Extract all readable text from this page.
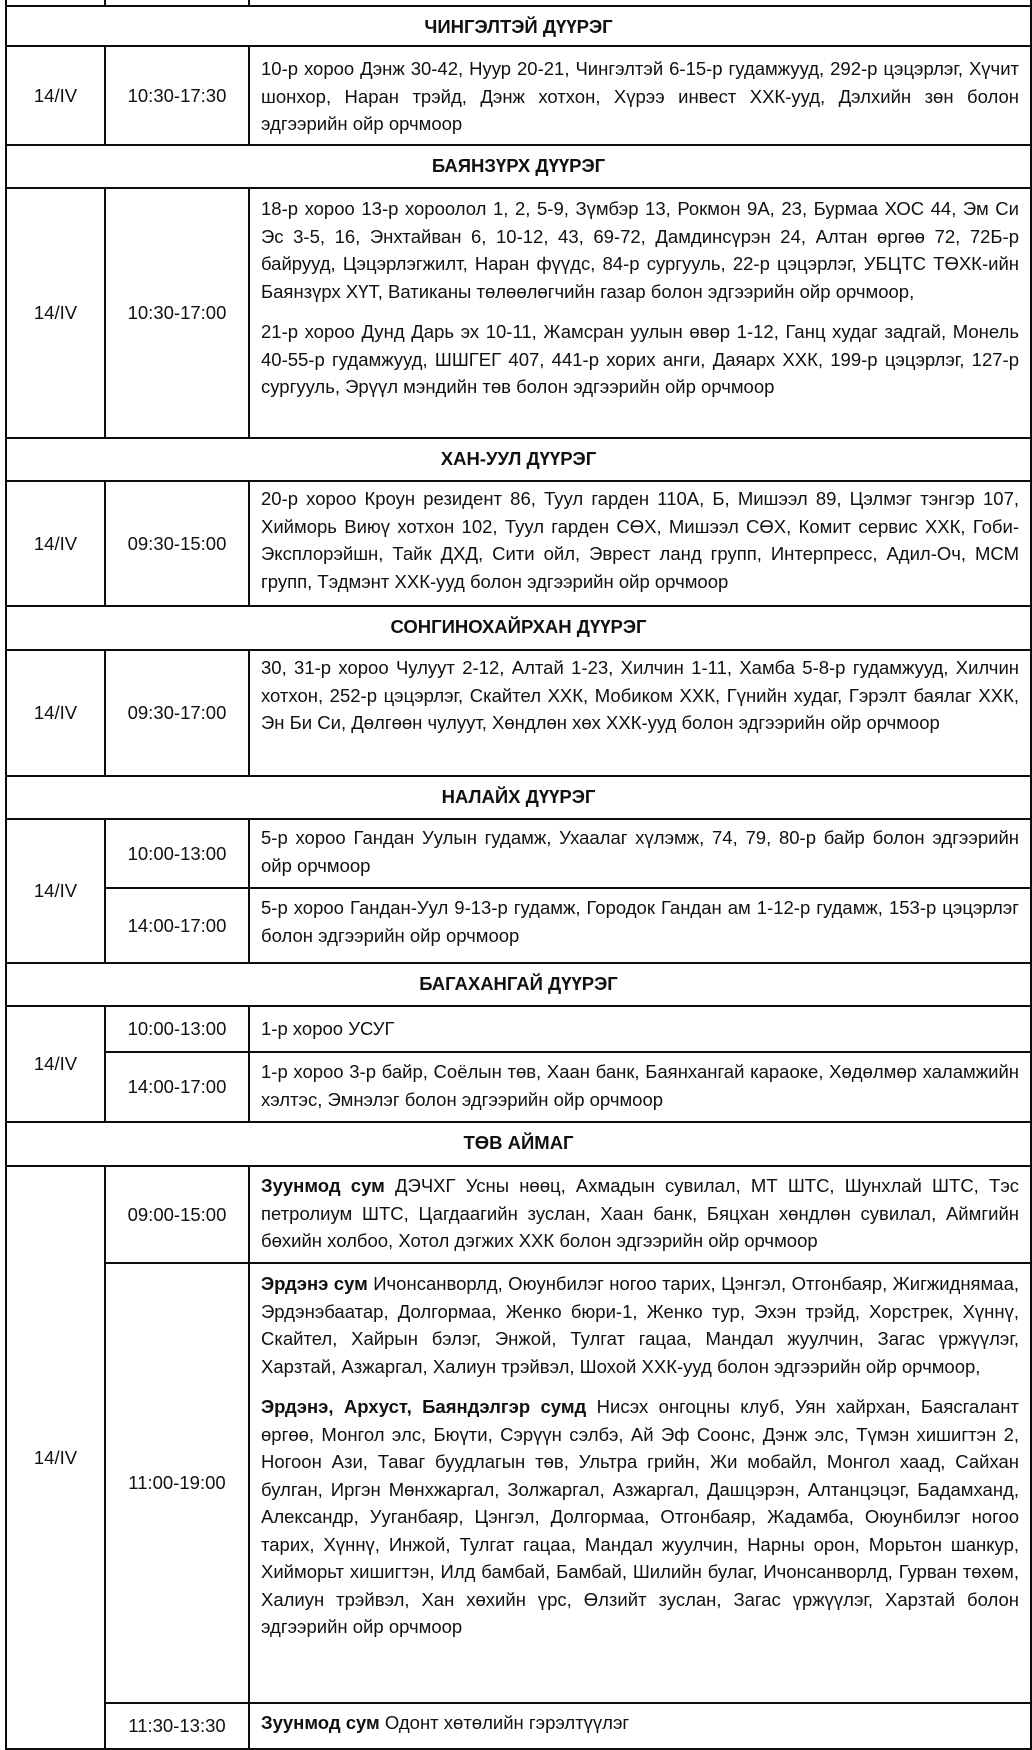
ЧИНГЭЛТЭЙ ДҮҮРЭГ		
14/IV	10:30-17:30	10-р хороо Дэнж 30-42, Нуур 20-21, Чингэлтэй 6-15-р гудамжууд, 292-р цэцэрлэг, Хүчит шонхор, Наран трэйд, Дэнж хотхон, Хүрээ инвест ХХК-ууд, Дэлхийн зөн болон эдгээрийн ойр орчмоор

БАЯНЗҮРХ ДҮҮРЭГ		
14/IV	10:30-17:00	18-р хороо 13-р хороолол 1, 2, 5-9, Зүмбэр 13, Рокмон 9А, 23, Бурмаа ХОС 44, Эм Си Эс 3-5, 16, Энхтайван 6, 10-12, 43, 69-72, Дамдинсүрэн 24, Алтан өргөө 72, 72Б-р байрууд, Цэцэрлэгжилт, Наран фүүдс, 84-р сургууль, 22-р цэцэрлэг, УБЦТС ТӨХК-ийн Баянзүрх ХҮТ, Ватиканы төлөөлөгчийн газар болон эдгээрийн ойр орчмоор,

21-р хороо Дунд Дарь эх 10-11, Жамсран уулын өвөр 1-12, Ганц худаг задгай, Монель 40-55-р гудамжууд, ШШГЕГ 407, 441-р хорих анги, Даяарх ХХК, 199-р цэцэрлэг, 127-р сургууль, Эрүүл мэндийн төв болон эдгээрийн ойр орчмоор

ХАН-УУЛ ДҮҮРЭГ		
14/IV	09:30-15:00	20-р хороо Кроун резидент 86, Туул гарден 110А, Б, Мишээл 89, Цэлмэг тэнгэр 107, Хийморь Виюү хотхон 102, Туул гарден СӨХ, Мишээл СӨХ, Комит сервис ХХК, Гоби-Эксплорэйшн, Тайк ДХД, Сити ойл, Эврест ланд групп, Интерпресс, Адил-Оч, МСМ групп, Тэдмэнт ХХК-ууд болон эдгээрийн ойр орчмоор

СОНГИНОХАЙРХАН ДҮҮРЭГ		
14/IV	09:30-17:00	30, 31-р хороо Чулуут 2-12, Алтай 1-23, Хилчин 1-11, Хамба 5-8-р гудамжууд, Хилчин хотхон, 252-р цэцэрлэг, Скайтел ХХК, Мобиком ХХК, Гүнийн худаг, Гэрэлт баялаг ХХК, Эн Би Си, Дөлгөөн чулуут, Хөндлөн хөх ХХК-ууд болон эдгээрийн ойр орчмоор

НАЛАЙХ ДҮҮРЭГ		
14/IV	10:00-13:00	5-р хороо Гандан Уулын гудамж, Ухаалаг хүлэмж, 74, 79, 80-р байр болон эдгээрийн ойр орчмоор

	14:00-17:00	5-р хороо Гандан-Уул 9-13-р гудамж, Городок Гандан ам 1-12-р гудамж, 153-р цэцэрлэг болон эдгээрийн ойр орчмоор

БАГАХАНГАЙ ДҮҮРЭГ		
14/IV	10:00-13:00	1-р хороо УСУГ

	14:00-17:00	1-р хороо 3-р байр, Соёлын төв, Хаан банк, Баянхангай караоке, Хөдөлмөр халамжийн хэлтэс, Эмнэлэг болон эдгээрийн ойр орчмоор

ТӨВ АЙМАГ		
14/IV	09:00-15:00	Зуунмод сум ДЭЧХГ Усны нөөц, Ахмадын сувилал, МТ ШТС, Шунхлай ШТС, Тэс петролиум ШТС, Цагдаагийн зуслан, Хаан банк, Бяцхан хөндлөн сувилал, Аймгийн бөхийн холбоо, Хотол дэгжих ХХК болон эдгээрийн ойр орчмоор

	11:00-19:00	Эрдэнэ сум Ичонсанворлд, Оюунбилэг ногоо тарих, Цэнгэл, Отгонбаяр, Жигжиднямаа, Эрдэнэбаатар, Долгормаа, Женко бюри-1, Женко тур, Эхэн трэйд, Хорстрек, Хүннү, Скайтел, Хайрын бэлэг, Энжой, Тулгат гацаа, Мандал жуулчин, Загас үржүүлэг, Харзтай, Азжаргал, Халиун трэйвэл, Шохой ХХК-ууд болон эдгээрийн ойр орчмоор,

Эрдэнэ, Архуст, Баяндэлгэр сумд Нисэх онгоцны клуб, Уян хайрхан, Баясгалант өргөө, Монгол элс, Бюүти, Сэрүүн сэлбэ, Ай Эф Соонс, Дэнж элс, Түмэн хишигтэн 2, Ногоон Ази, Таваг буудлагын төв, Ультра грийн, Жи мобайл, Монгол хаад, Сайхан булган, Иргэн Мөнхжаргал, Золжаргал, Азжаргал, Дашцэрэн, Алтанцэцэг, Бадамханд, Александр, Ууганбаяр, Цэнгэл, Долгормаа, Отгонбаяр, Жадамба, Оюунбилэг ногоо тарих, Хүннү, Инжой, Тулгат гацаа, Мандал жуулчин, Нарны орон, Морьтон шанкур, Хийморьт хишигтэн, Илд бамбай, Бамбай, Шилийн булаг, Ичонсанворлд, Гурван төхөм, Халиун трэйвэл, Хан хөхийн үрс, Өлзийт зуслан, Загас үржүүлэг, Харзтай болон эдгээрийн ойр орчмоор

	11:30-13:30	Зуунмод сум Одонт хөтөлийн гэрэлтүүлэг
